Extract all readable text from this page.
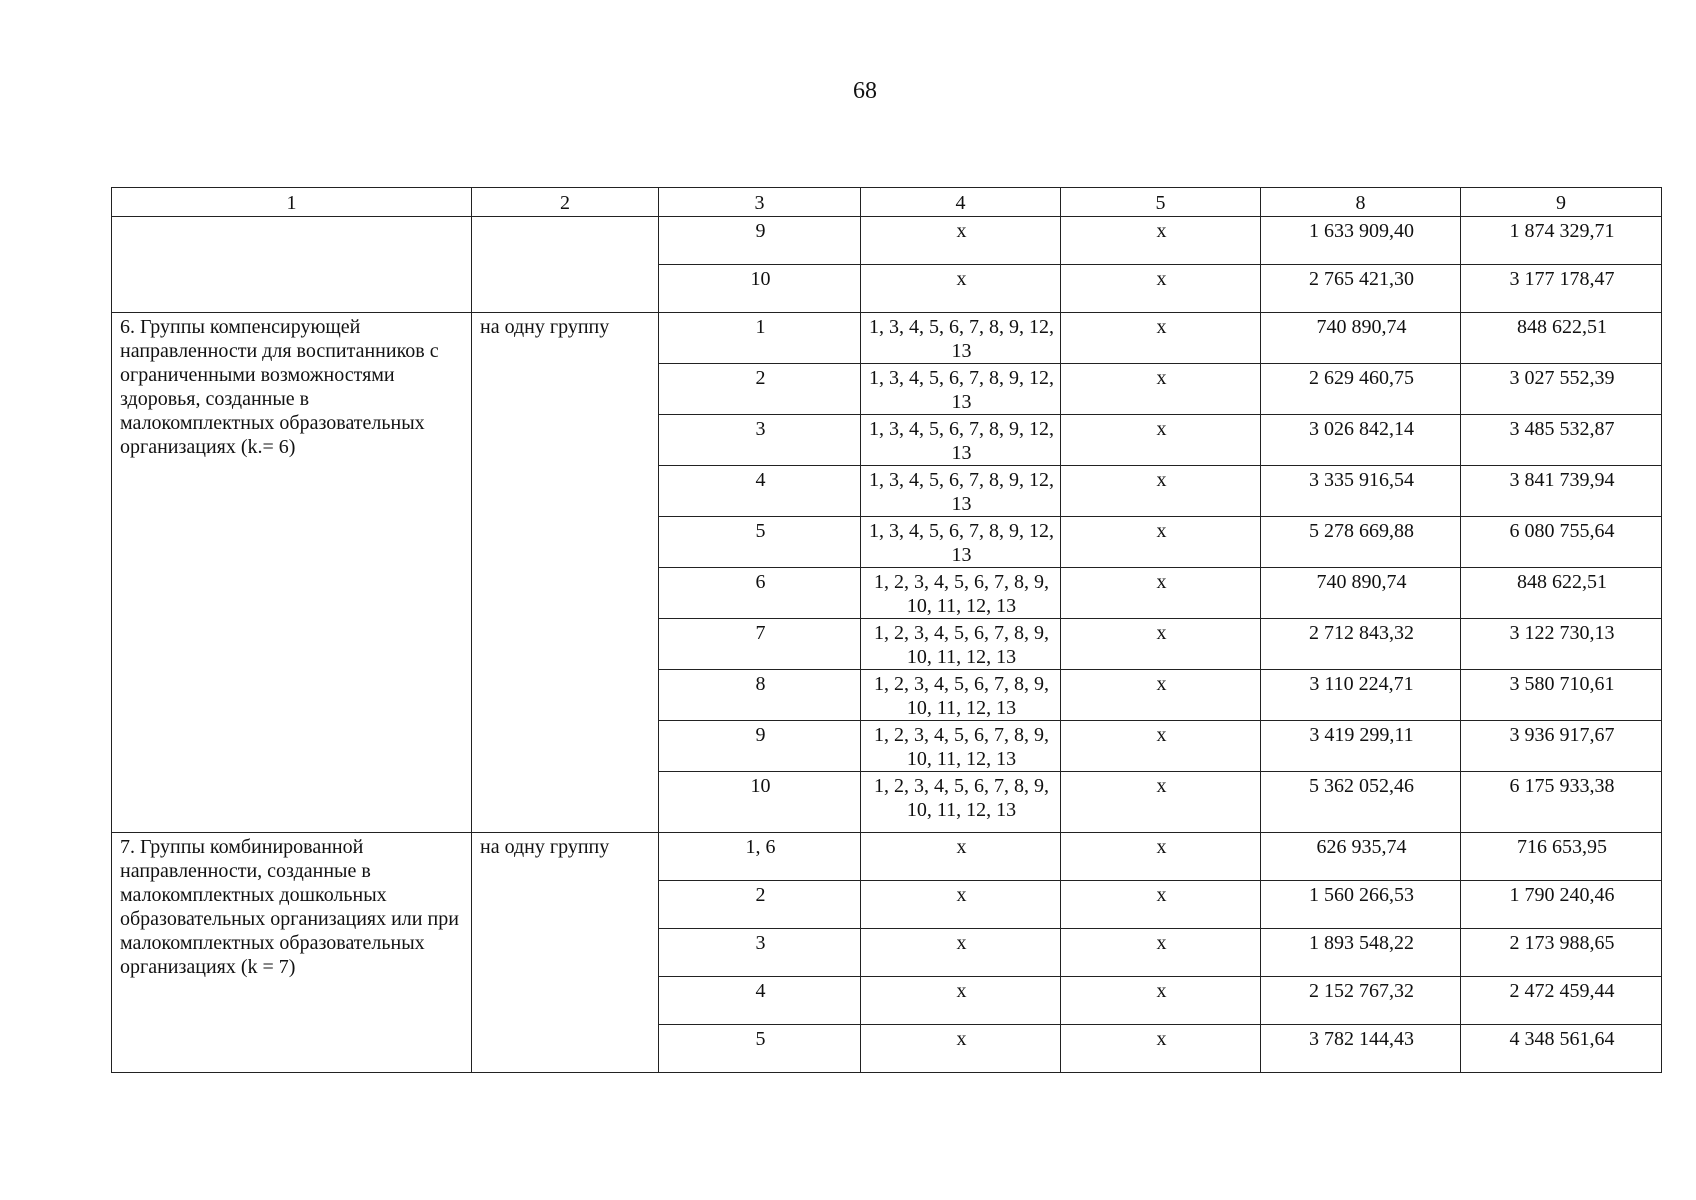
68
1	2	3	4	5	8	9
		9	x	x	1 633 909,40	1 874 329,71
		10	x	x	2 765 421,30	3 177 178,47
6. Группы компенсирующей направленности для воспитанников с ограниченными возможностями здоровья, созданные в малокомплектных образовательных организациях (k.= 6)	на одну группу	1	1, 3, 4, 5, 6, 7, 8, 9, 12, 13	x	740 890,74	848 622,51
		2	1, 3, 4, 5, 6, 7, 8, 9, 12, 13	x	2 629 460,75	3 027 552,39
		3	1, 3, 4, 5, 6, 7, 8, 9, 12, 13	x	3 026 842,14	3 485 532,87
		4	1, 3, 4, 5, 6, 7, 8, 9, 12, 13	x	3 335 916,54	3 841 739,94
		5	1, 3, 4, 5, 6, 7, 8, 9, 12, 13	x	5 278 669,88	6 080 755,64
		6	1, 2, 3, 4, 5, 6, 7, 8, 9, 10, 11, 12, 13	x	740 890,74	848 622,51
		7	1, 2, 3, 4, 5, 6, 7, 8, 9, 10, 11, 12, 13	x	2 712 843,32	3 122 730,13
		8	1, 2, 3, 4, 5, 6, 7, 8, 9, 10, 11, 12, 13	x	3 110 224,71	3 580 710,61
		9	1, 2, 3, 4, 5, 6, 7, 8, 9, 10, 11, 12, 13	x	3 419 299,11	3 936 917,67
		10	1, 2, 3, 4, 5, 6, 7, 8, 9, 10, 11, 12, 13	x	5 362 052,46	6 175 933,38
7. Группы комбинированной направленности, созданные в малокомплектных дошкольных образовательных организациях или при малокомплектных образовательных организациях (k = 7)	на одну группу	1, 6	x	x	626 935,74	716 653,95
		2	x	x	1 560 266,53	1 790 240,46
		3	x	x	1 893 548,22	2 173 988,65
		4	x	x	2 152 767,32	2 472 459,44
		5	x	x	3 782 144,43	4 348 561,64
